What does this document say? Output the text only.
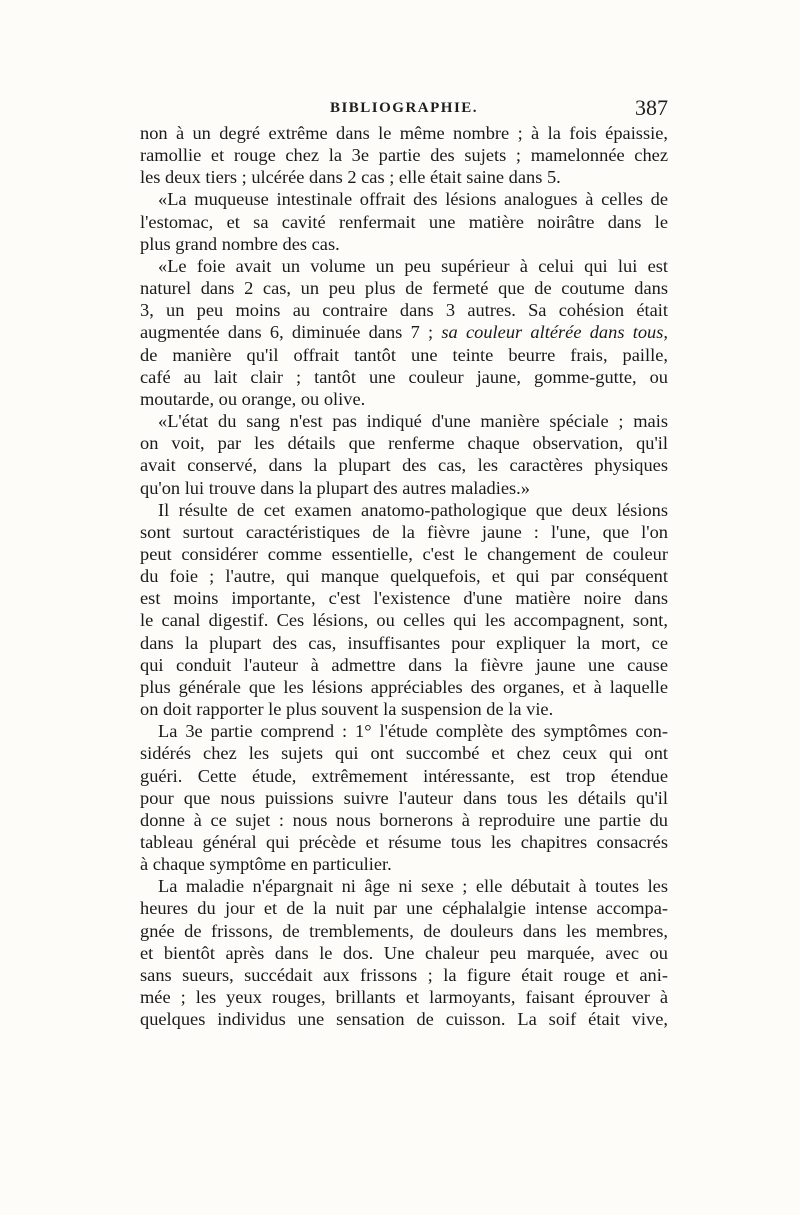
BIBLIOGRAPHIE.	387
non à un degré extrême dans le même nombre ; à la fois épaissie,
ramollie et rouge chez la 3e partie des sujets ; mamelonnée chez
les deux tiers ; ulcérée dans 2 cas ; elle était saine dans 5.
«La muqueuse intestinale offrait des lésions analogues à celles de
l'estomac, et sa cavité renfermait une matière noirâtre dans le
plus grand nombre des cas.
«Le foie avait un volume un peu supérieur à celui qui lui est
naturel dans 2 cas, un peu plus de fermeté que de coutume dans
3, un peu moins au contraire dans 3 autres. Sa cohésion était
augmentée dans 6, diminuée dans 7 ; sa couleur altérée dans tous,
de manière qu'il offrait tantôt une teinte beurre frais, paille,
café au lait clair ; tantôt une couleur jaune, gomme-gutte, ou
moutarde, ou orange, ou olive.
«L'état du sang n'est pas indiqué d'une manière spéciale ; mais
on voit, par les détails que renferme chaque observation, qu'il
avait conservé, dans la plupart des cas, les caractères physiques
qu'on lui trouve dans la plupart des autres maladies.»
Il résulte de cet examen anatomo-pathologique que deux lésions
sont surtout caractéristiques de la fièvre jaune : l'une, que l'on
peut considérer comme essentielle, c'est le changement de couleur
du foie ; l'autre, qui manque quelquefois, et qui par conséquent
est moins importante, c'est l'existence d'une matière noire dans
le canal digestif. Ces lésions, ou celles qui les accompagnent, sont,
dans la plupart des cas, insuffisantes pour expliquer la mort, ce
qui conduit l'auteur à admettre dans la fièvre jaune une cause
plus générale que les lésions appréciables des organes, et à laquelle
on doit rapporter le plus souvent la suspension de la vie.
La 3e partie comprend : 1° l'étude complète des symptômes con-
sidérés chez les sujets qui ont succombé et chez ceux qui ont
guéri. Cette étude, extrêmement intéressante, est trop étendue
pour que nous puissions suivre l'auteur dans tous les détails qu'il
donne à ce sujet : nous nous bornerons à reproduire une partie du
tableau général qui précède et résume tous les chapitres consacrés
à chaque symptôme en particulier.
La maladie n'épargnait ni âge ni sexe ; elle débutait à toutes les
heures du jour et de la nuit par une céphalalgie intense accompa-
gnée de frissons, de tremblements, de douleurs dans les membres,
et bientôt après dans le dos. Une chaleur peu marquée, avec ou
sans sueurs, succédait aux frissons ; la figure était rouge et ani-
mée ; les yeux rouges, brillants et larmoyants, faisant éprouver à
quelques individus une sensation de cuisson. La soif était vive,
